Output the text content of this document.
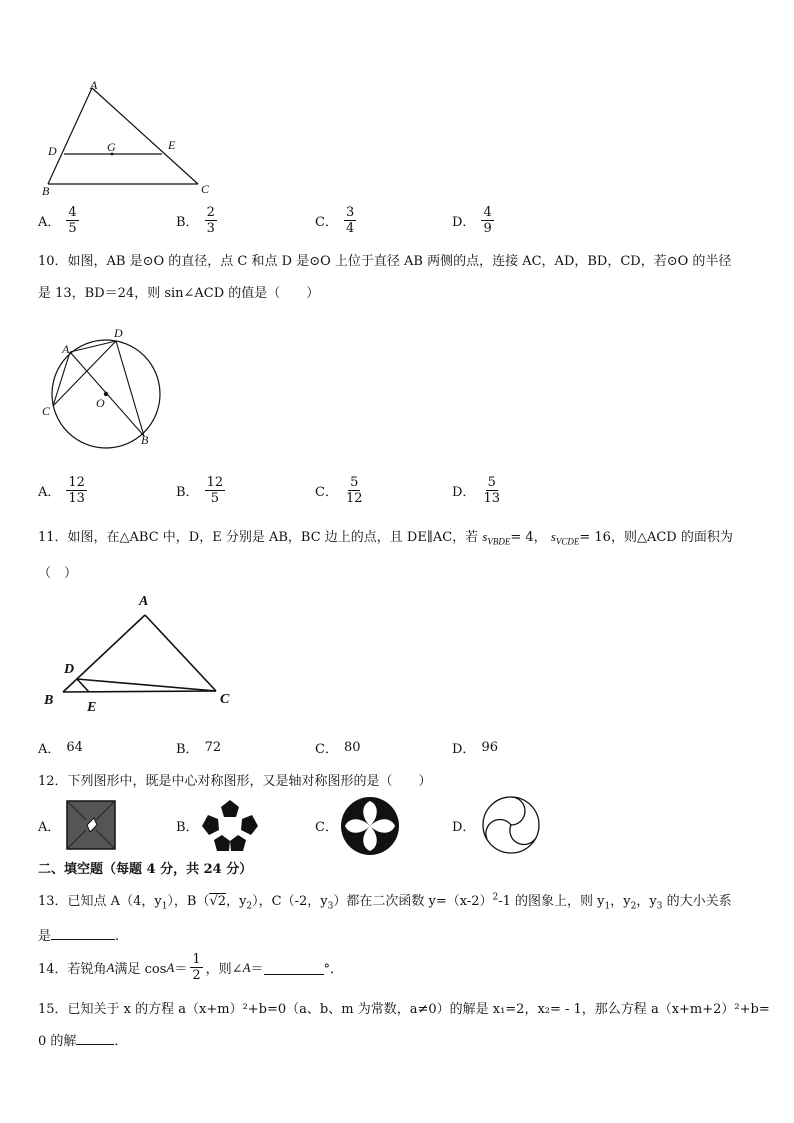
A
D	G	E
B	C
A． $\frac{4}{5}$	B． $\frac{2}{3}$	C． $\frac{3}{4}$	D． $\frac{4}{9}$
10．如图，AB 是⊙O 的直径，点 C 和点 D 是⊙O 上位于直径 AB 两侧的点，连接 AC，AD，BD，CD，若⊙O 的半径
是 13，BD＝24，则 sin∠ACD 的值是（　　）
A
D
C
O
B
A． $\frac{12}{13}$	B． $\frac{12}{5}$	C． $\frac{5}{12}$	D． $\frac{5}{13}$
11．如图，在△ABC 中，D，E 分别是 AB，BC 边上的点，且 DE∥AC，若 $s_{VBDE}= 4$， $s_{VCDE}= 16$，则△ACD 的面积为
（　）
A
D
B E
C
A． 64	B． 72	C． 80	D． 96
12．下列图形中，既是中心对称图形，又是轴对称图形的是（　　）
A．	B．	C．	D．
二、填空题（每题 4 分，共 24 分）
13．已知点 A（4，$y_1$），B（√2，$y_2$），C（-2，$y_3$）都在二次函数 $y=(x-2)^2-1$ 的图象上，则 $y_1$，$y_2$，$y_3$ 的大小关系
是	.
14．若锐角 A 满足 $\cos A = \frac{1}{2}$ ，则∠ A ＝	°．
15．已知关于 x 的方程 a（x+m）²+b=0（a、b、m 为常数，a≠0）的解是 x₁=2，x₂= - 1，那么方程 a（x+m+2）²+b=
0 的解	．
